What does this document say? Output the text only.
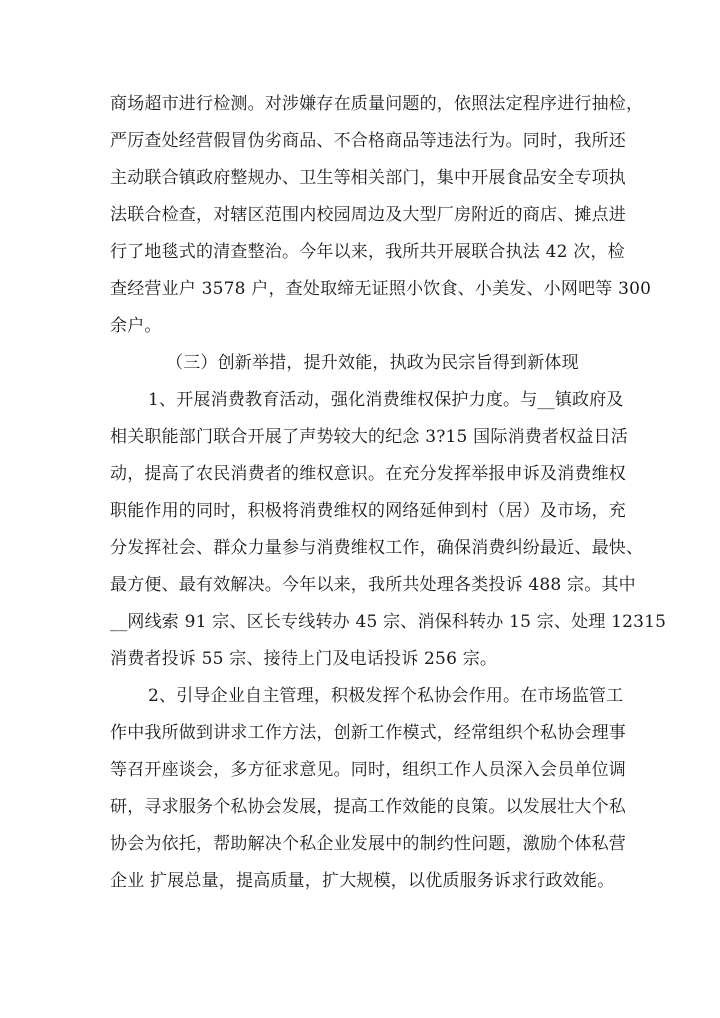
商场超市进行检测。对涉嫌存在质量问题的，依照法定程序进行抽检，
严厉查处经营假冒伪劣商品、不合格商品等违法行为。同时，我所还
主动联合镇政府整规办、卫生等相关部门，集中开展食品安全专项执
法联合检查，对辖区范围内校园周边及大型厂房附近的商店、摊点进
行了地毯式的清查整治。今年以来，我所共开展联合执法 42 次，检
查经营业户 3578 户，查处取缔无证照小饮食、小美发、小网吧等 300
余户。
（三）创新举措，提升效能，执政为民宗旨得到新体现
1、开展消费教育活动，强化消费维权保护力度。与__镇政府及
相关职能部门联合开展了声势较大的纪念 3?15 国际消费者权益日活
动，提高了农民消费者的维权意识。在充分发挥举报申诉及消费维权
职能作用的同时，积极将消费维权的网络延伸到村（居）及市场，充
分发挥社会、群众力量参与消费维权工作，确保消费纠纷最近、最快、
最方便、最有效解决。今年以来，我所共处理各类投诉 488 宗。其中
__网线索 91 宗、区长专线转办 45 宗、消保科转办 15 宗、处理 12315
消费者投诉 55 宗、接待上门及电话投诉 256 宗。
2、引导企业自主管理，积极发挥个私协会作用。在市场监管工
作中我所做到讲求工作方法，创新工作模式，经常组织个私协会理事
等召开座谈会，多方征求意见。同时，组织工作人员深入会员单位调
研，寻求服务个私协会发展，提高工作效能的良策。以发展壮大个私
协会为依托，帮助解决个私企业发展中的制约性问题，激励个体私营
企业 扩展总量，提高质量，扩大规模，以优质服务诉求行政效能。
